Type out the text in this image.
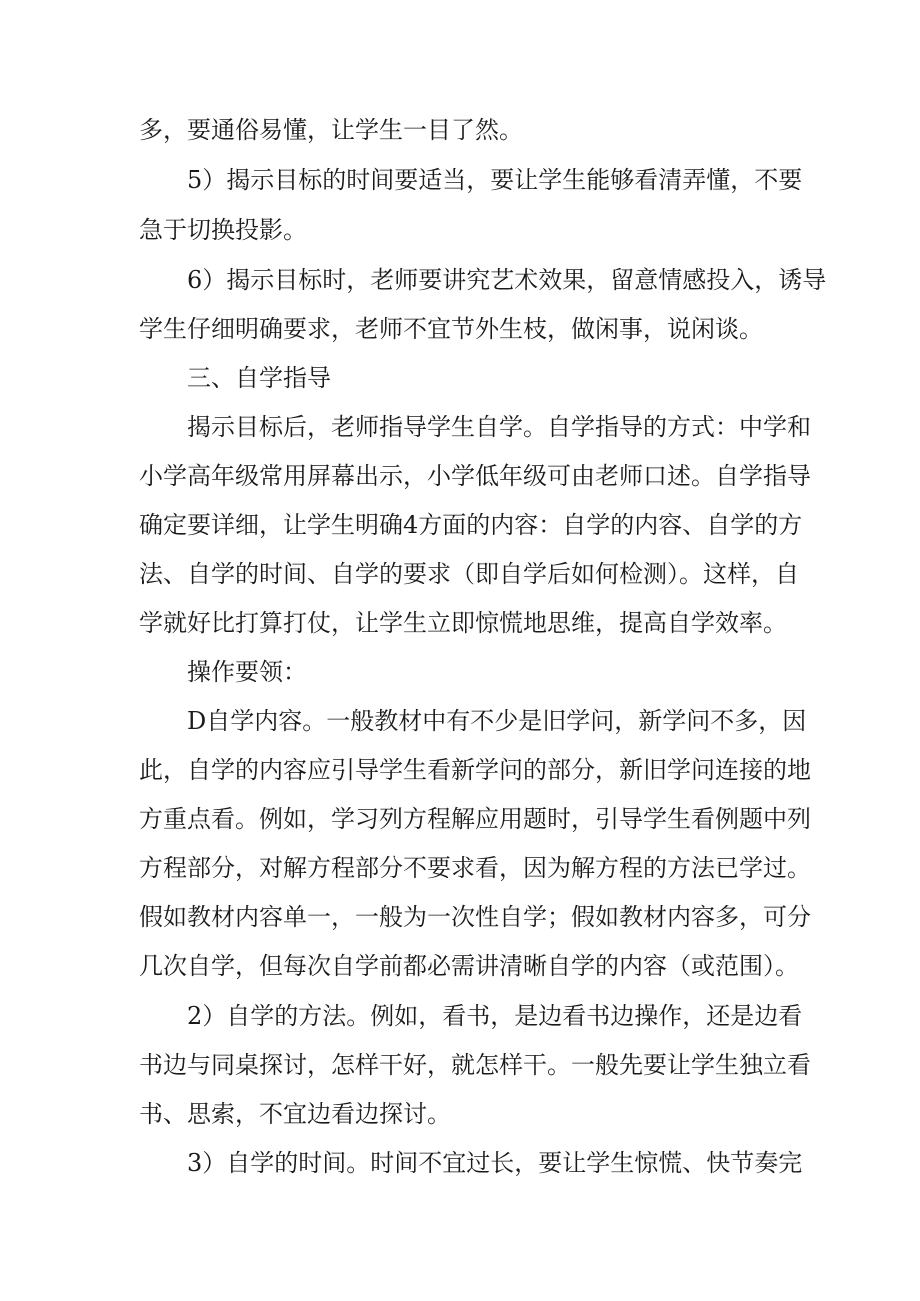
多，要通俗易懂，让学生一目了然。
5）揭示目标的时间要适当，要让学生能够看清弄懂，不要
急于切换投影。
6）揭示目标时，老师要讲究艺术效果，留意情感投入，诱导
学生仔细明确要求，老师不宜节外生枝，做闲事，说闲谈。
三、自学指导
揭示目标后，老师指导学生自学。自学指导的方式：中学和
小学高年级常用屏幕出示，小学低年级可由老师口述。自学指导
确定要详细，让学生明确4方面的内容：自学的内容、自学的方
法、自学的时间、自学的要求（即自学后如何检测）。这样，自
学就好比打算打仗，让学生立即惊慌地思维，提高自学效率。
操作要领：
D自学内容。一般教材中有不少是旧学问，新学问不多，因
此，自学的内容应引导学生看新学问的部分，新旧学问连接的地
方重点看。例如，学习列方程解应用题时，引导学生看例题中列
方程部分，对解方程部分不要求看，因为解方程的方法已学过。
假如教材内容单一，一般为一次性自学；假如教材内容多，可分
几次自学，但每次自学前都必需讲清晰自学的内容（或范围）。
2）自学的方法。例如，看书，是边看书边操作，还是边看
书边与同桌探讨，怎样干好，就怎样干。一般先要让学生独立看
书、思索，不宜边看边探讨。
3）自学的时间。时间不宜过长，要让学生惊慌、快节奏完
